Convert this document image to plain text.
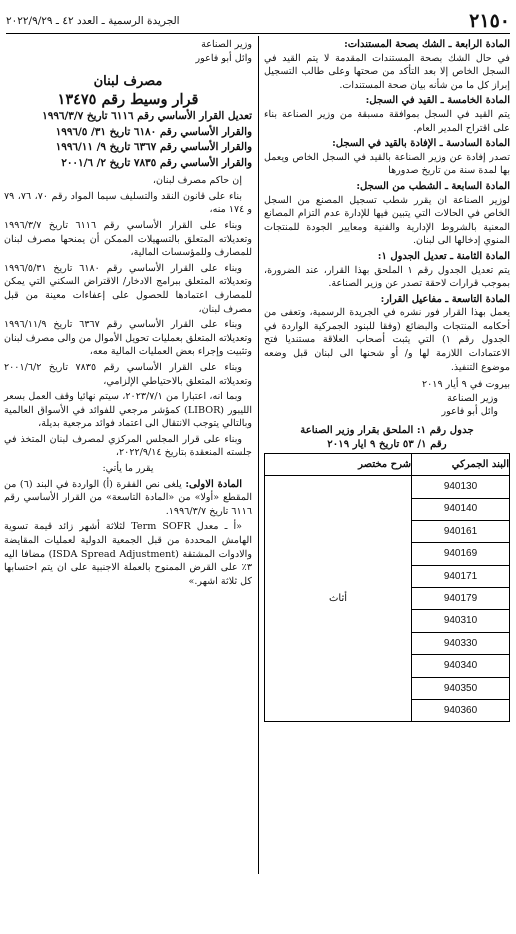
٢١٥٠
الجريدة الرسمية ـ العدد ٤٢ ـ ٢٠٢٢/٩/٢٩
المادة الرابعة ـ الشك بصحة المستندات:
في حال الشك بصحة المستندات المقدمة لا يتم القيد في السجل الخاص إلا بعد التأكد من صحتها وعلى طالب التسجيل إبراز كل ما من شأنه بيان صحة المستندات.
المادة الخامسة ـ القيد في السجل:
يتم القيد في السجل بموافقة مسبقة من وزير الصناعة بناء على اقتراح المدير العام.
المادة السادسة ـ الإفادة بالقيد في السجل:
تصدر إفادة عن وزير الصناعة بالقيد في السجل الخاص ويعمل بها لمدة سنة من تاريخ صدورها
المادة السابعة ـ الشطب من السجل:
لوزير الصناعة ان يقرر شطب تسجيل المصنع من السجل الخاص في الحالات التي يتبين فيها للإدارة عدم التزام المصانع المعنية بالشروط الإدارية والفنية ومعايير الجودة للمنتجات المنوي إدخالها الى لبنان.
المادة الثامنة ـ تعديل الجدول ١:
يتم تعديل الجدول رقم ١ الملحق بهذا القرار، عند الضرورة، بموجب قرارات لاحقة تصدر عن وزير الصناعة.
المادة التاسعة ـ مفاعيل القرار:
يعمل بهذا القرار فور نشره في الجريدة الرسمية، وتعفى من أحكامه المنتجات والبضائع (وفقا للبنود الجمركية الواردة في الجدول رقم ١) التي يثبت أصحاب العلاقة مستنديا فتح الاعتمادات اللازمة لها و/ أو شحنها الى لبنان قبل وضعه موضوع التنفيذ.
بيروت في ٩ أيار ٢٠١٩
وزير الصناعة
وائل أبو فاعور
جدول رقم ١: الملحق بقرار وزير الصناعة
رقم ١/ ٥٣ تاريخ ٩ ايار ٢٠١٩
البند الجمركي	شرح مختصر
940130	أثاث
940140	
940161	
940169	
940171	
940179	
940310	
940330	
940340	
940350	
940360	
وزير الصناعة
وائل أبو فاعور
مصرف لبنان
قرار وسيط رقم ١٣٤٧٥
تعديل القرار الأساسي رقم ٦١١٦ تاريخ ١٩٩٦/٣/٧
والقرار الأساسي رقم ٦١٨٠ تاريخ ٣١/ ١٩٩٦/٥
والقرار الأساسي رقم ٦٣٦٧ تاريخ ٩/ ١٩٩٦/١١
والقرار الأساسي رقم ٧٨٣٥ تاريخ ٢/ ٢٠٠١/٦
إن حاكم مصرف لبنان،
بناء على قانون النقد والتسليف سيما المواد رقم ٧٠، ٧٦، ٧٩ و ١٧٤ منه،
وبناء على القرار الأساسي رقم ٦١١٦ تاريخ ١٩٩٦/٣/٧ وتعديلاته المتعلق بالتسهيلات الممكن أن يمنحها مصرف لبنان للمصارف وللمؤسسات المالية،
وبناء على القرار الأساسي رقم ٦١٨٠ تاريخ ١٩٩٦/٥/٣١ وتعديلاته المتعلق ببرامج الادخار/ الاقتراض السكني التي يمكن للمصارف اعتمادها للحصول على إعفاءات معينة من قبل مصرف لبنان،
وبناء على القرار الأساسي رقم ٦٣٦٧ تاريخ ١٩٩٦/١١/٩ وتعديلاته المتعلق بعمليات تحويل الأموال من والى مصرف لبنان وتثبيت وإجراء بعض العمليات المالية معه،
وبناء على القرار الأساسي رقم ٧٨٣٥ تاريخ ٢٠٠١/٦/٢ وتعديلاته المتعلق بالاحتياطي الإلزامي،
وبما انه، اعتبارا من ٢٠٢٣/٧/١، سيتم نهائيا وقف العمل بسعر الليبور (LIBOR) كمؤشر مرجعي للفوائد في الأسواق العالمية وبالتالي يتوجب الانتقال الى اعتماد فوائد مرجعية بديلة،
وبناء على قرار المجلس المركزي لمصرف لبنان المتخذ في جلسته المنعقدة بتاريخ ٢٠٢٢/٩/١٤،
يقرر ما يأتي:
المادة الاولى: يلغى نص الفقرة (أ) الواردة في البند (٦) من المقطع «أولا» من «المادة التاسعة» من القرار الأساسي رقم ٦١١٦ تاريخ ١٩٩٦/٣/٧.
«أ ـ معدل Term SOFR لثلاثة أشهر زائد قيمة تسوية الهامش المحددة من قبل الجمعية الدولية لعمليات المقايضة والادوات المشتقة (ISDA Spread Adjustment) مضافا اليه ٣٪ على القرض الممنوح بالعملة الاجنبية على ان يتم احتسابها كل ثلاثة اشهر.»
